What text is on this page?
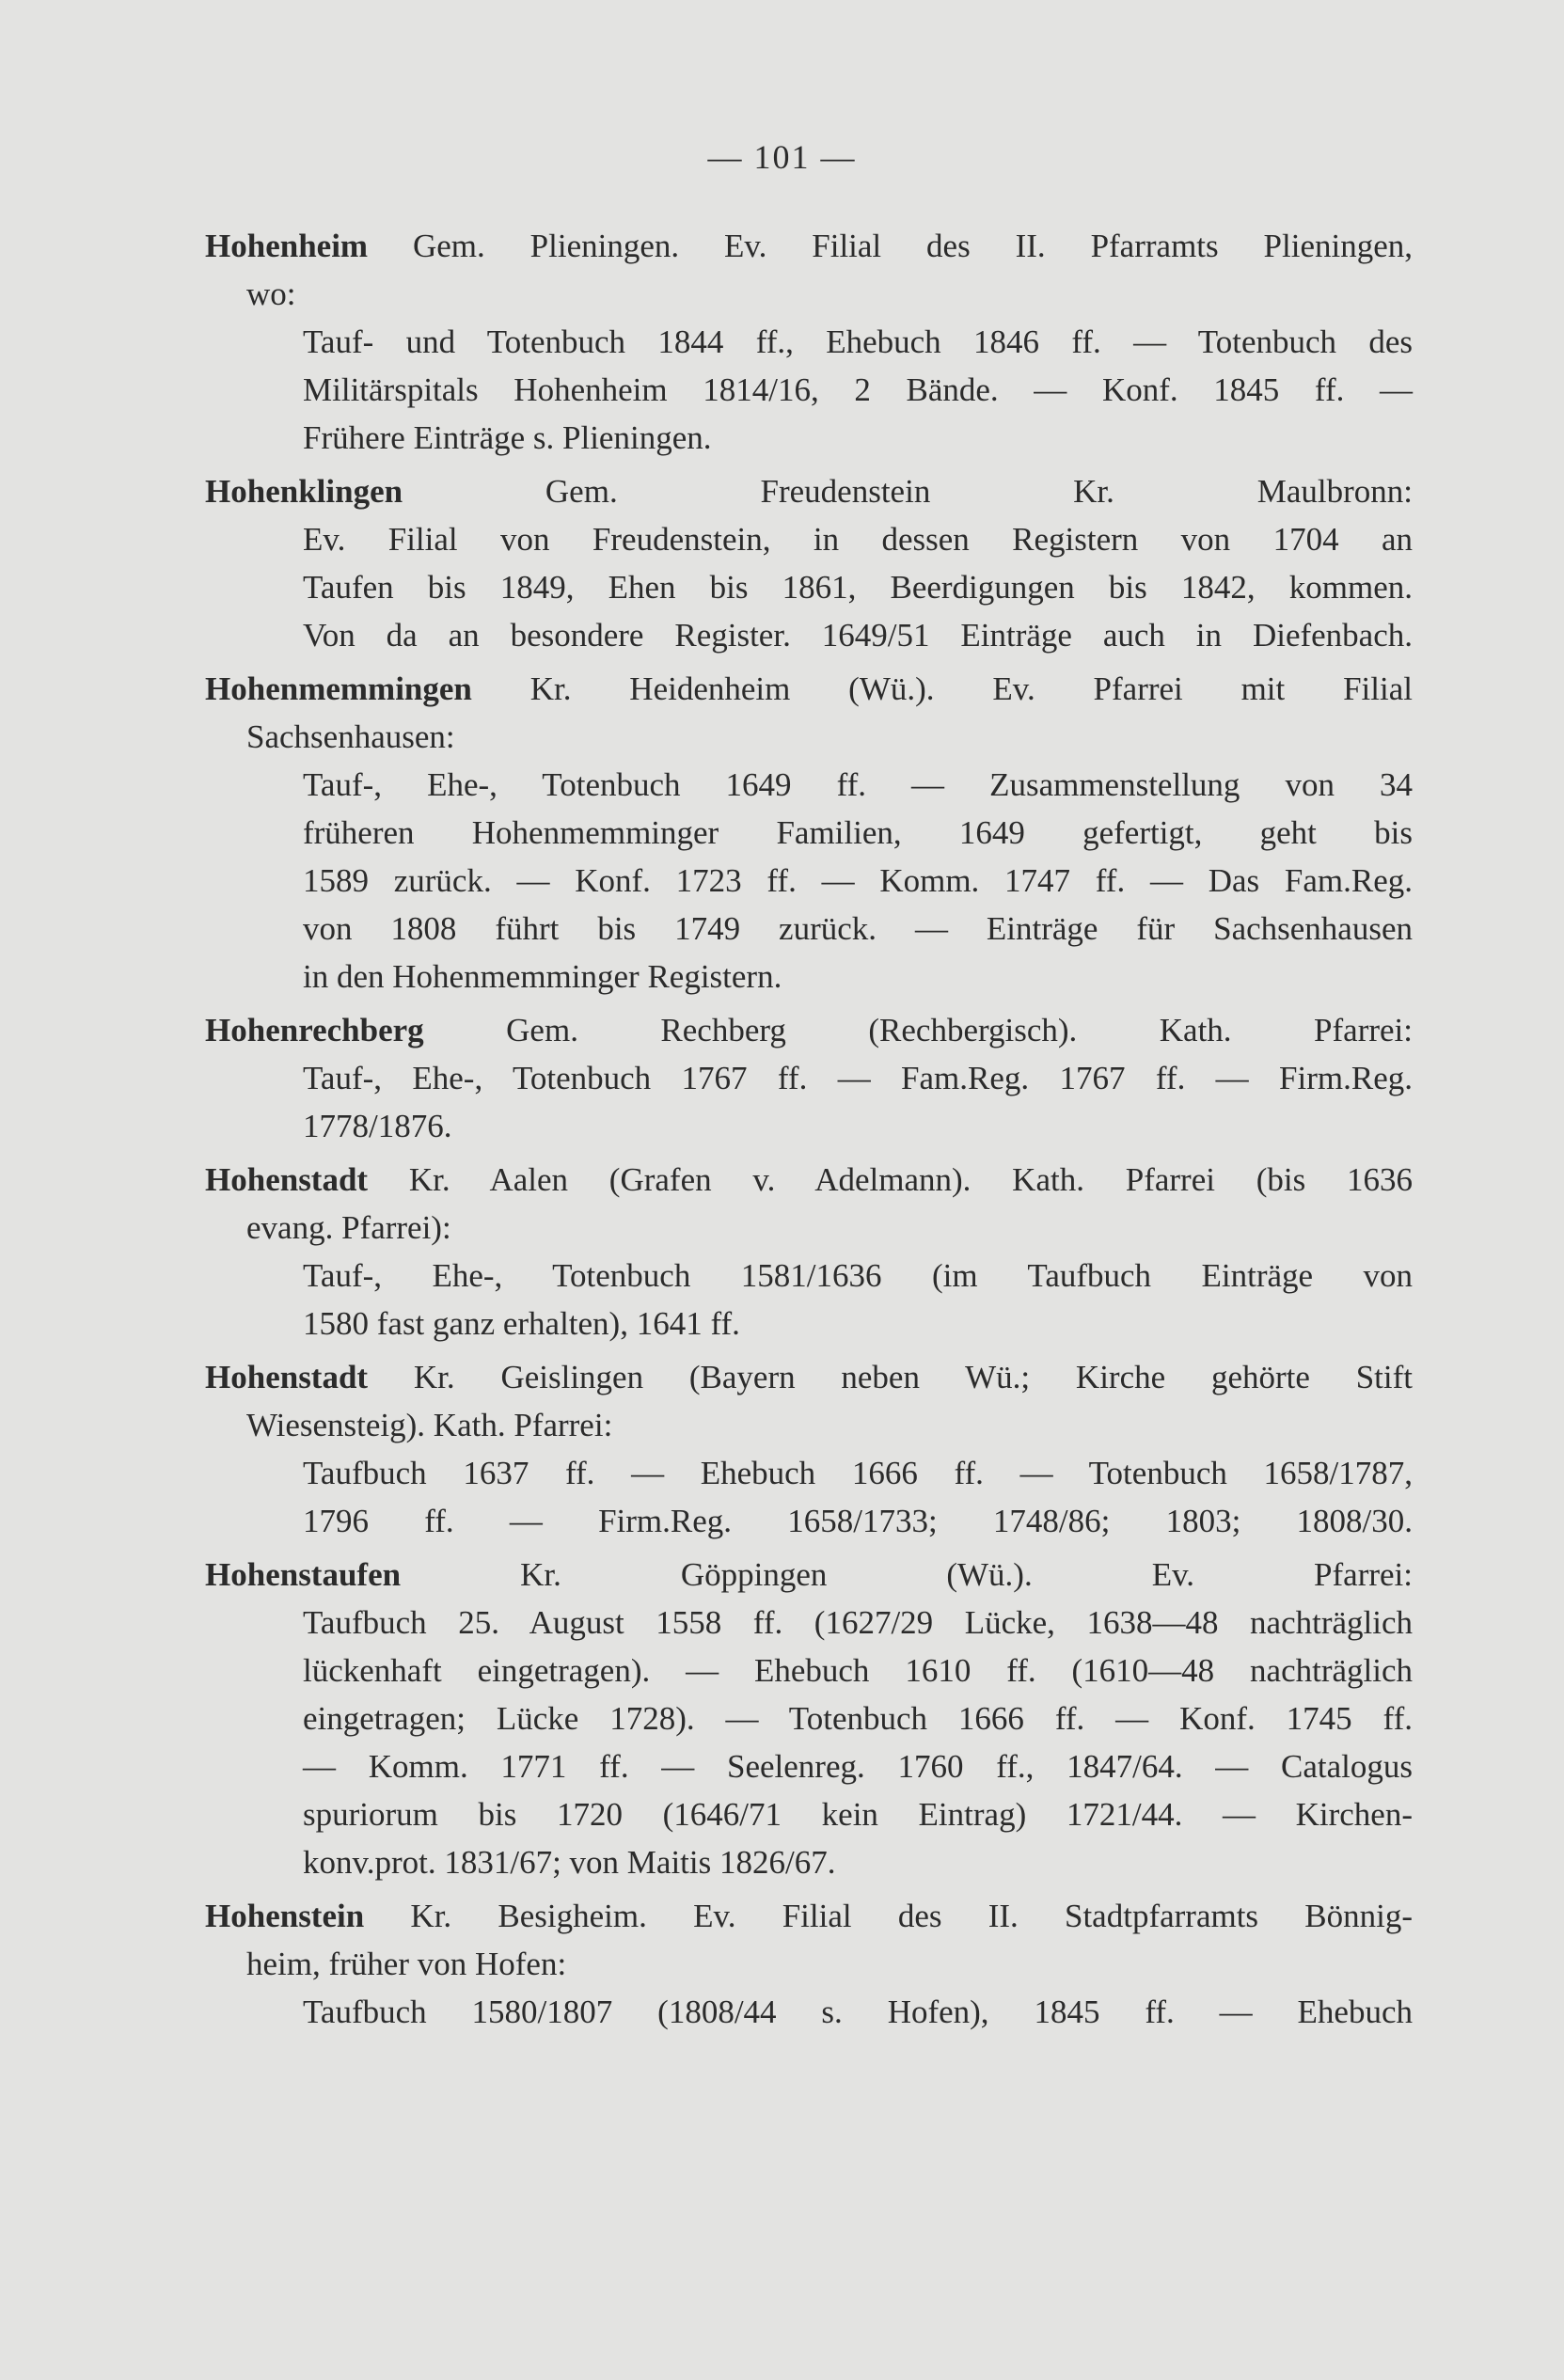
— 101 —
Hohenheim Gem. Plieningen. Ev. Filial des II. Pfarramts Plieningen,
wo:
Tauf- und Totenbuch 1844 ff., Ehebuch 1846 ff. — Totenbuch des
Militärspitals Hohenheim 1814/16, 2 Bände. — Konf. 1845 ff. —
Frühere Einträge s. Plieningen.
Hohenklingen Gem. Freudenstein Kr. Maulbronn:
Ev. Filial von Freudenstein, in dessen Registern von 1704 an
Taufen bis 1849, Ehen bis 1861, Beerdigungen bis 1842, kommen.
Von da an besondere Register. 1649/51 Einträge auch in Diefenbach.
Hohenmemmingen Kr. Heidenheim (Wü.). Ev. Pfarrei mit Filial
Sachsenhausen:
Tauf-, Ehe-, Totenbuch 1649 ff. — Zusammenstellung von 34
früheren Hohenmemminger Familien, 1649 gefertigt, geht bis
1589 zurück. — Konf. 1723 ff. — Komm. 1747 ff. — Das Fam.Reg.
von 1808 führt bis 1749 zurück. — Einträge für Sachsenhausen
in den Hohenmemminger Registern.
Hohenrechberg Gem. Rechberg (Rechbergisch). Kath. Pfarrei:
Tauf-, Ehe-, Totenbuch 1767 ff. — Fam.Reg. 1767 ff. — Firm.Reg.
1778/1876.
Hohenstadt Kr. Aalen (Grafen v. Adelmann). Kath. Pfarrei (bis 1636
evang. Pfarrei):
Tauf-, Ehe-, Totenbuch 1581/1636 (im Taufbuch Einträge von
1580 fast ganz erhalten), 1641 ff.
Hohenstadt Kr. Geislingen (Bayern neben Wü.; Kirche gehörte Stift
Wiesensteig). Kath. Pfarrei:
Taufbuch 1637 ff. — Ehebuch 1666 ff. — Totenbuch 1658/1787,
1796 ff. — Firm.Reg. 1658/1733; 1748/86; 1803; 1808/30.
Hohenstaufen Kr. Göppingen (Wü.). Ev. Pfarrei:
Taufbuch 25. August 1558 ff. (1627/29 Lücke, 1638—48 nachträglich
lückenhaft eingetragen). — Ehebuch 1610 ff. (1610—48 nachträglich
eingetragen; Lücke 1728). — Totenbuch 1666 ff. — Konf. 1745 ff.
— Komm. 1771 ff. — Seelenreg. 1760 ff., 1847/64. — Catalogus
spuriorum bis 1720 (1646/71 kein Eintrag) 1721/44. — Kirchen-
konv.prot. 1831/67; von Maitis 1826/67.
Hohenstein Kr. Besigheim. Ev. Filial des II. Stadtpfarramts Bönnig-
heim, früher von Hofen:
Taufbuch 1580/1807 (1808/44 s. Hofen), 1845 ff. — Ehebuch
